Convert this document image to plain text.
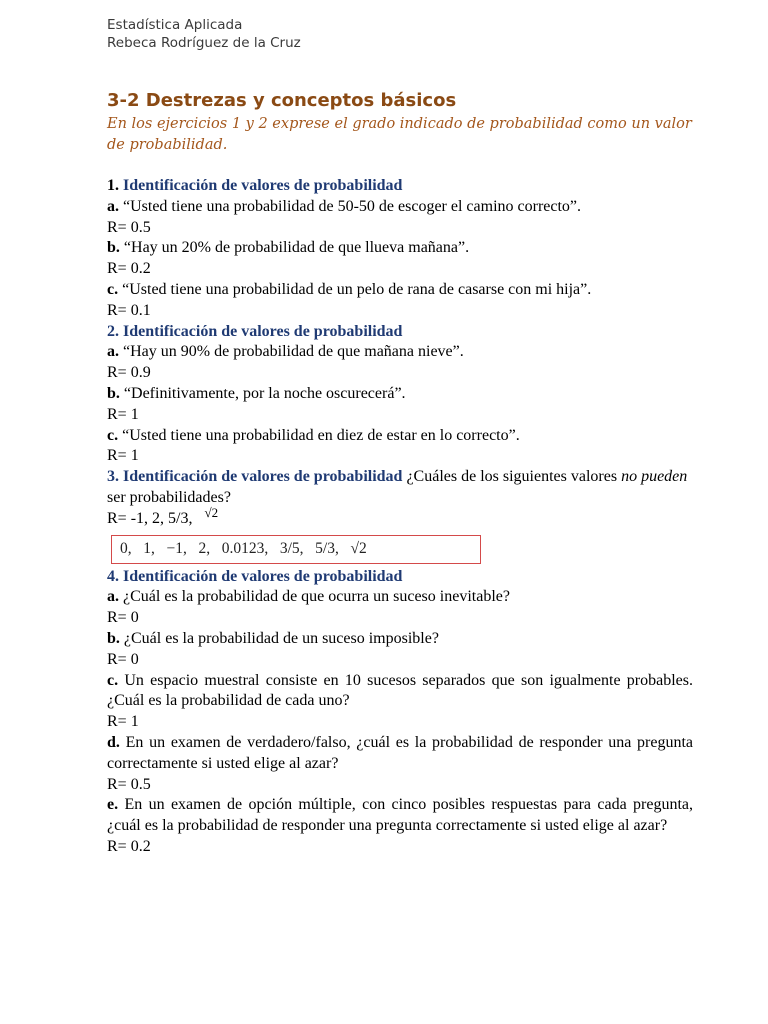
Estadística Aplicada
Rebeca Rodríguez de la Cruz
3-2 Destrezas y conceptos básicos
En los ejercicios 1 y 2 exprese el grado indicado de probabilidad como un valor de probabilidad.

1. Identificación de valores de probabilidad

a. “Usted tiene una probabilidad de 50-50 de escoger el camino correcto”.

R= 0.5

b. “Hay un 20% de probabilidad de que llueva mañana”.

R= 0.2

c. “Usted tiene una probabilidad de un pelo de rana de casarse con mi hija”.

R= 0.1

2. Identificación de valores de probabilidad

a. “Hay un 90% de probabilidad de que mañana nieve”.

R= 0.9

b. “Definitivamente, por la noche oscurecerá”.

R= 1

c. “Usted tiene una probabilidad en diez de estar en lo correcto”.

R= 1

3. Identificación de valores de probabilidad ¿Cuáles de los siguientes valores no pueden ser probabilidades?

R= -1, 2, 5/3, √2

0,   1,   −1,   2,   0.0123,   3/5,   5/3,   √2

4. Identificación de valores de probabilidad

a. ¿Cuál es la probabilidad de que ocurra un suceso inevitable?

R= 0

b. ¿Cuál es la probabilidad de un suceso imposible?

R= 0

c. Un espacio muestral consiste en 10 sucesos separados que son igualmente probables. ¿Cuál es la probabilidad de cada uno?

R= 1

d. En un examen de verdadero/falso, ¿cuál es la probabilidad de responder una pregunta correctamente si usted elige al azar?

R= 0.5

e. En un examen de opción múltiple, con cinco posibles respuestas para cada pregunta, ¿cuál es la probabilidad de responder una pregunta correctamente si usted elige al azar?

R= 0.2
